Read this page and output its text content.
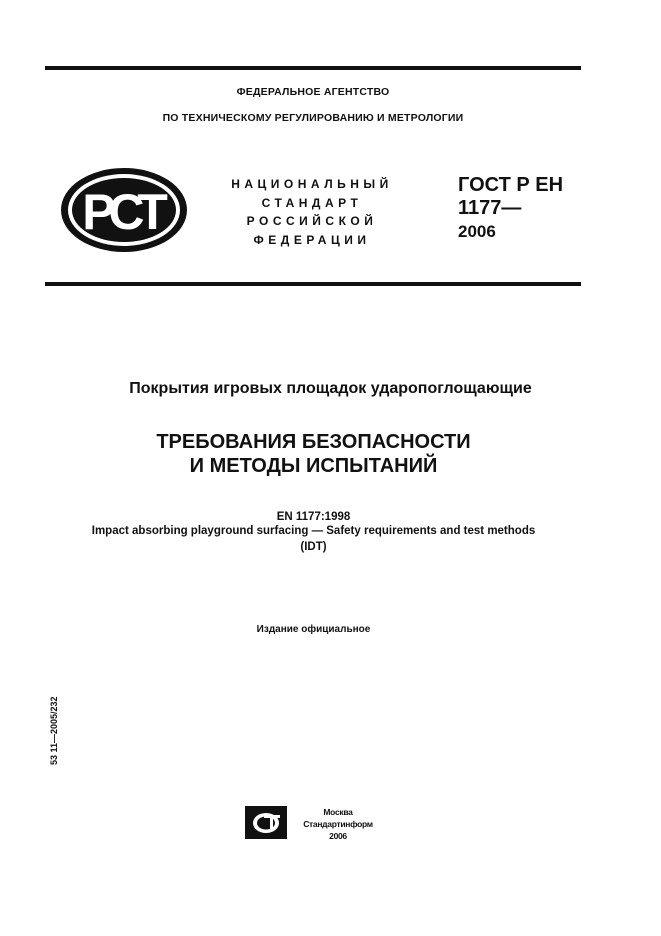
ФЕДЕРАЛЬНОЕ АГЕНТСТВО
ПО ТЕХНИЧЕСКОМУ РЕГУЛИРОВАНИЮ И МЕТРОЛОГИИ
РСТ	НАЦИОНАЛЬНЫЙ
СТАНДАРТ
РОССИЙСКОЙ
ФЕДЕРАЦИИ
ГОСТ Р ЕН
1177—
2006
Покрытия игровых площадок ударопоглощающие
ТРЕБОВАНИЯ БЕЗОПАСНОСТИ
И МЕТОДЫ ИСПЫТАНИЙ
EN 1177:1998
Impact absorbing playground surfacing — Safety requirements and test methods
(IDT)
Издание официальное
53 11—2005/232
Москва
Стандартинформ
2006
